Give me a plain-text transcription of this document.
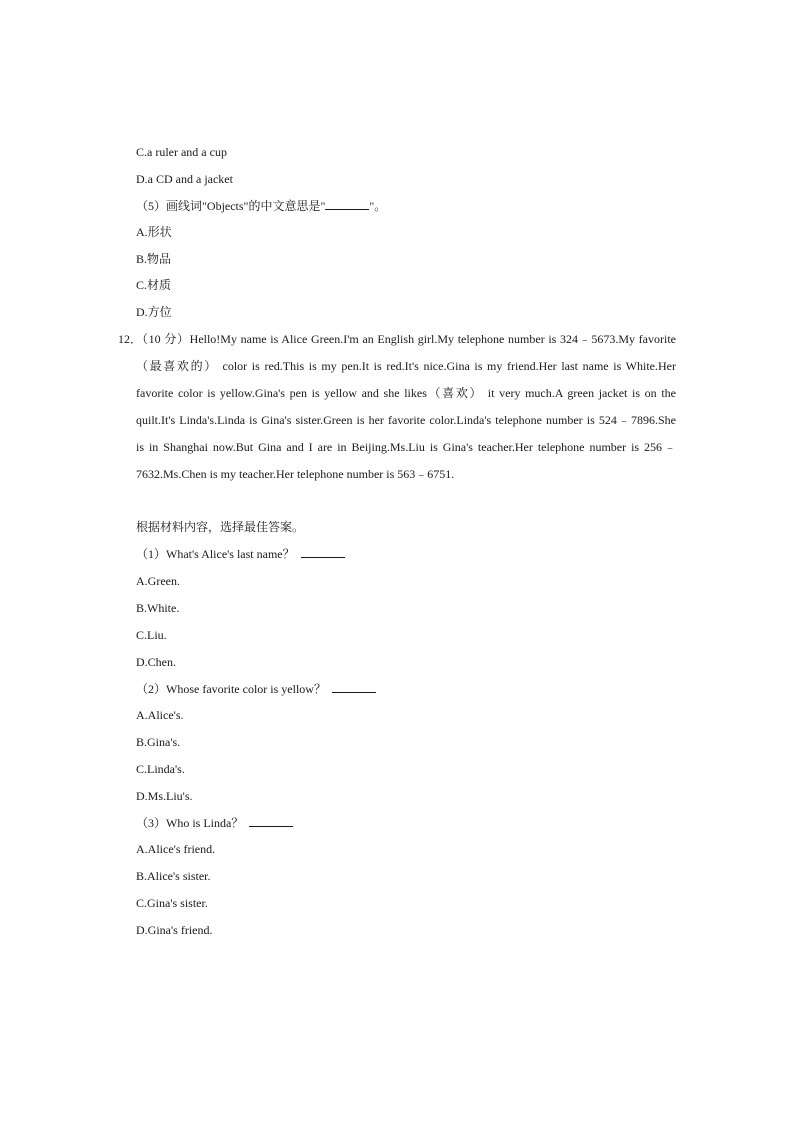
C.a ruler and a cup
D.a CD and a jacket
（5）画线词"Objects"的中文意思是"	"。
A.形状
B.物品
C.材质
D.方位
12．
（10 分）Hello!My name is Alice Green.I'm an English girl.My telephone number is 324﹣5673.My favorite
（最喜欢的） color is red.This is my pen.It is red.It's nice.Gina is my friend.Her last name is White.Her
favorite color is yellow.Gina's pen is yellow and she likes（喜欢） it very much.A green jacket is on the
quilt.It's Linda's.Linda is Gina's sister.Green is her favorite color.Linda's telephone number is 524﹣7896.She
is in Shanghai now.But Gina and I are in Beijing.Ms.Liu is Gina's teacher.Her telephone number is 256﹣
7632.Ms.Chen is my teacher.Her telephone number is 563﹣6751.
根据材料内容，选择最佳答案。
（1）What's Alice's last name？
A.Green.
B.White.
C.Liu.
D.Chen.
（2）Whose favorite color is yellow？
A.Alice's.
B.Gina's.
C.Linda's.
D.Ms.Liu's.
（3）Who is Linda？
A.Alice's friend.
B.Alice's sister.
C.Gina's sister.
D.Gina's friend.
